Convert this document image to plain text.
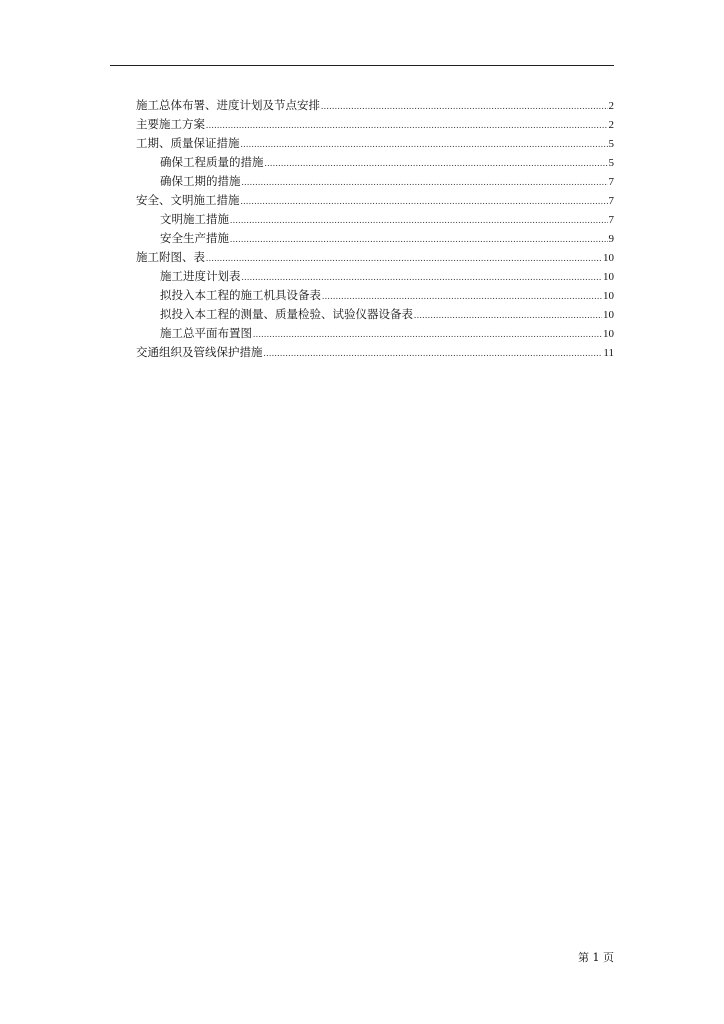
施工总体布署、进度计划及节点安排 .....	2
主要施工方案 .....	2
工期、质量保证措施 .....	5
确保工程质量的措施 .....	5
确保工期的措施 .....	7
安全、文明施工措施 .....	7
文明施工措施 .....	7
安全生产措施 .....	9
施工附图、表 .....	10
施工进度计划表 .....	10
拟投入本工程的施工机具设备表 .....	10
拟投入本工程的测量、质量检验、试验仪器设备表 .....	10
施工总平面布置图 .....	10
交通组织及管线保护措施 .....	11
第 1 页
